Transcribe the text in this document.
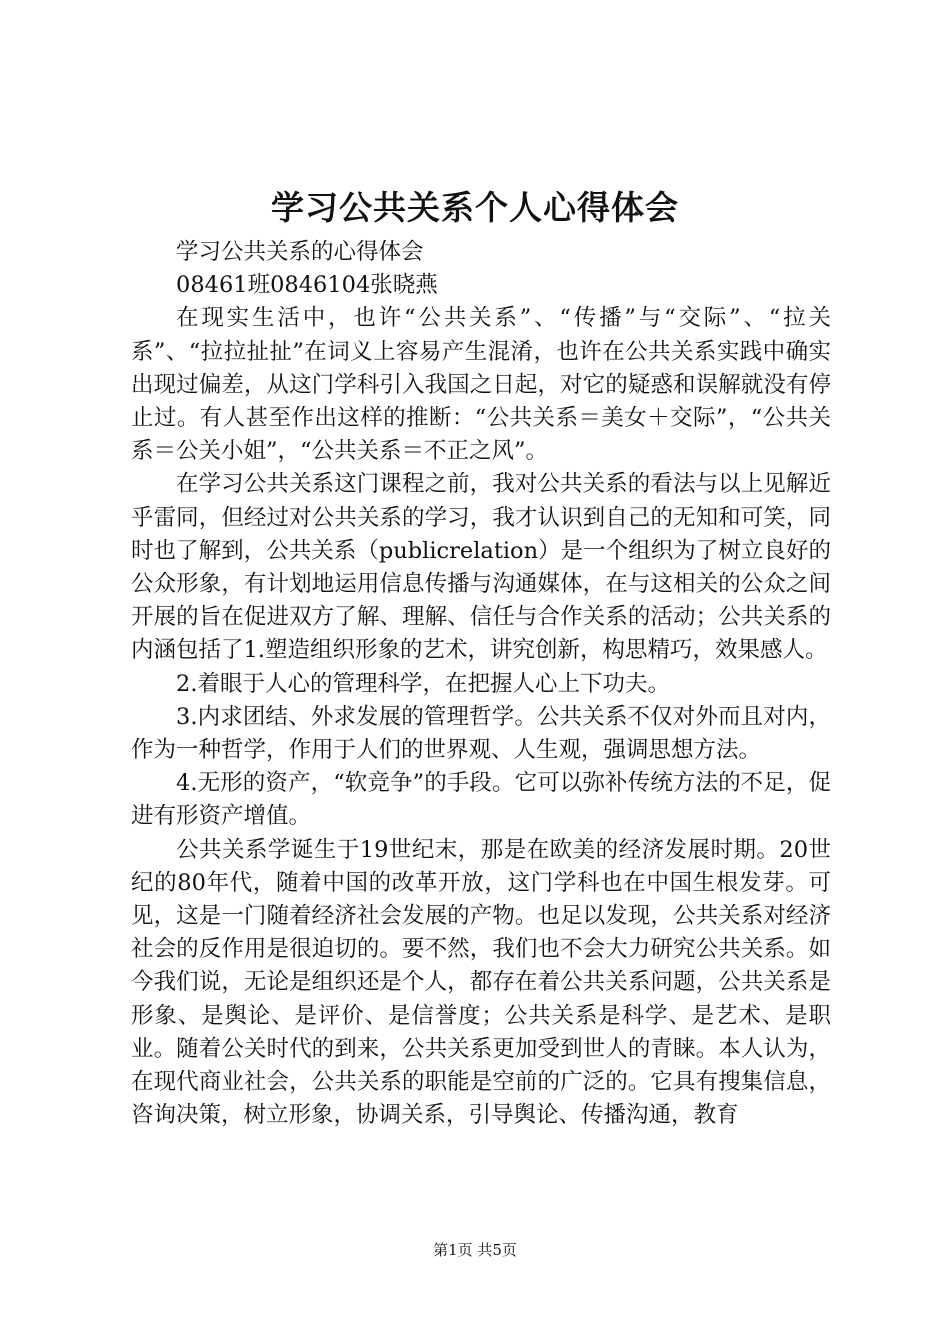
学习公共关系个人心得体会

学习公共关系的心得体会

08461班0846104张晓燕

在现实生活中，也许“公共关系”、“传播”与“交际”、“拉关系”、“拉拉扯扯”在词义上容易产生混淆，也许在公共关系实践中确实出现过偏差，从这门学科引入我国之日起，对它的疑惑和误解就没有停止过。有人甚至作出这样的推断：“公共关系＝美女＋交际”，“公共关系＝公关小姐”，“公共关系＝不正之风”。

在学习公共关系这门课程之前，我对公共关系的看法与以上见解近乎雷同，但经过对公共关系的学习，我才认识到自己的无知和可笑，同时也了解到，公共关系（publicrelation）是一个组织为了树立良好的公众形象，有计划地运用信息传播与沟通媒体，在与这相关的公众之间开展的旨在促进双方了解、理解、信任与合作关系的活动；公共关系的内涵包括了1.塑造组织形象的艺术，讲究创新，构思精巧，效果感人。

2.着眼于人心的管理科学，在把握人心上下功夫。

3.内求团结、外求发展的管理哲学。公共关系不仅对外而且对内，作为一种哲学，作用于人们的世界观、人生观，强调思想方法。

4.无形的资产，“软竞争”的手段。它可以弥补传统方法的不足，促进有形资产增值。

公共关系学诞生于19世纪末，那是在欧美的经济发展时期。20世纪的80年代，随着中国的改革开放，这门学科也在中国生根发芽。可见，这是一门随着经济社会发展的产物。也足以发现，公共关系对经济社会的反作用是很迫切的。要不然，我们也不会大力研究公共关系。如今我们说，无论是组织还是个人，都存在着公共关系问题，公共关系是形象、是舆论、是评价、是信誉度；公共关系是科学、是艺术、是职业。随着公关时代的到来，公共关系更加受到世人的青睐。本人认为，在现代商业社会，公共关系的职能是空前的广泛的。它具有搜集信息，咨询决策，树立形象，协调关系，引导舆论、传播沟通，教育

第1页 共5页
